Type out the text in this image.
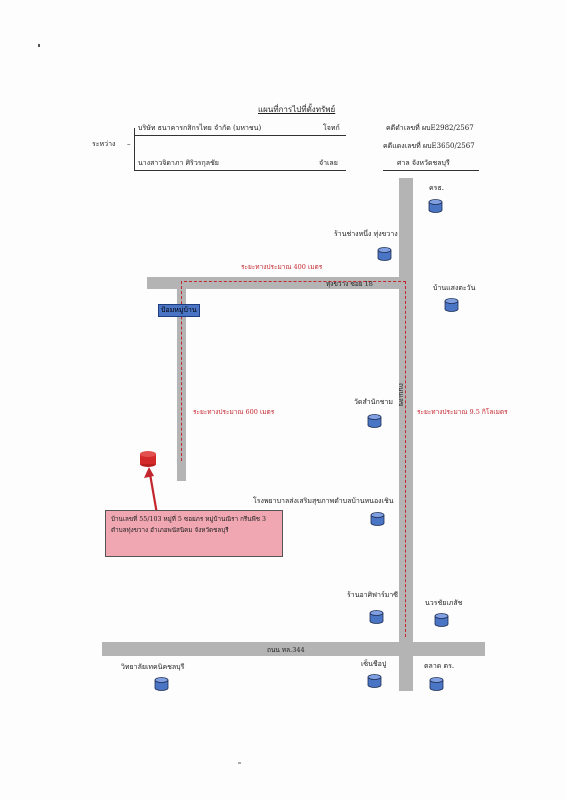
แผนที่การไปที่ตั้งทรัพย์
ระหว่าง –
บริษัท ธนาคารกสิกรไทย จำกัด (มหาชน)	โจทก์
นางสาวจิดาภา ศิริวรกุลชัย	จำเลย
คดีดำเลขที่ ผบE2982/2567
คดีแดงเลขที่ ผบE3650/2567
ศาล จังหวัดชลบุรี
ทุ่งขวาง ซอย 18
ถนนเลข
ถนน ทล.344
ระยะทางประมาณ 400 เมตร
ระยะทางประมาณ 600 เมตร	ระยะทางประมาณ 9.5 กิโลเมตร
ป้อมหมู่บ้าน
ครธ.
ร้านช่างหนึ่ง ทุ่งขวาง
บ้านแสงตะวัน
วัดสำนักชาม
โรงพยาบาลส่งเสริมสุขภาพตำบลบ้านหนองเชิน
ร้านอาศิฟาร์มาซี
นวรชัยเภสัช
วิทยาลัยเทคนิคชลบุรี	เซ็นชือปู	ตลาด ตร.
บ้านเลขที่ 55/103 หมู่ที่ 5 ซอยภร หมู่บ้านณิรา กรีนพีช 3 ตำบลทุ่งขวาง อำเภอพนัสนิคม จังหวัดชลบุรี
